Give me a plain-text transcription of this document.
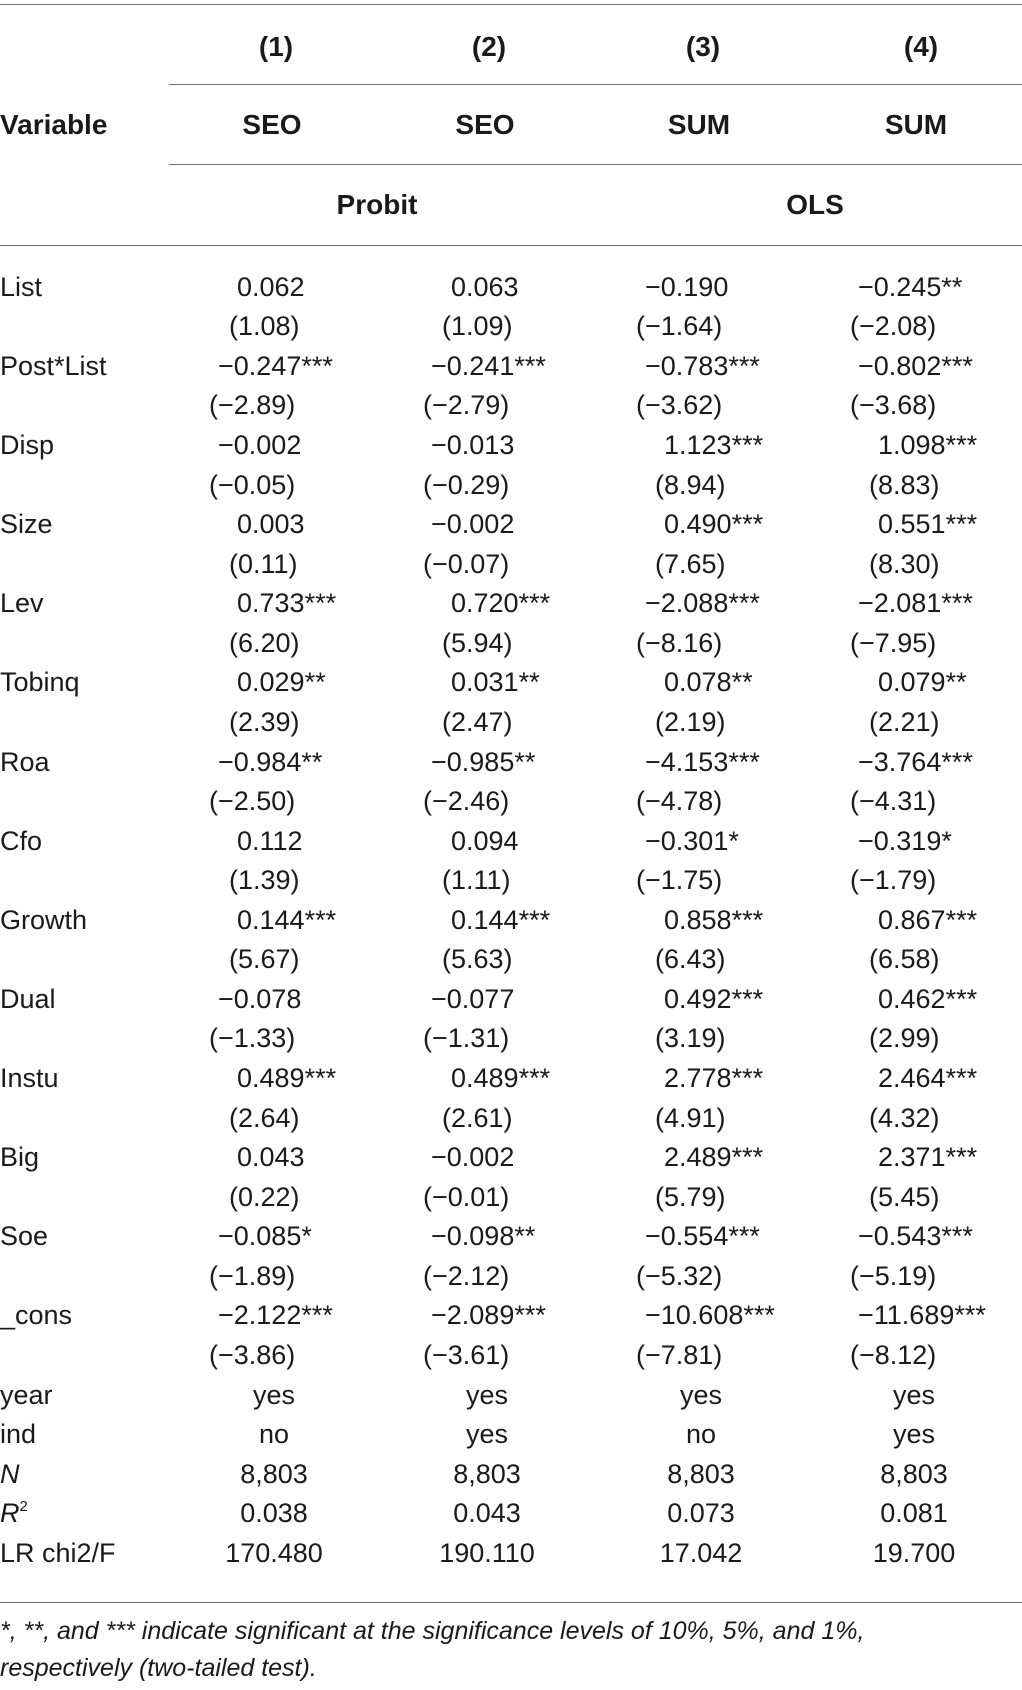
(1)	(2)	(3)	(4)
SEO	SEO	SUM	SUM
Probit	OLS
Variable
List	0.062	0.063	−0.190	−0.245**
(1.08)	(1.09)	(−1.64)	(−2.08)
Post*List	−0.247***	−0.241***	−0.783***	−0.802***
(−2.89)	(−2.79)	(−3.62)	(−3.68)
Disp	−0.002	−0.013	1.123***	1.098***
(−0.05)	(−0.29)	(8.94)	(8.83)
Size	0.003	−0.002	0.490***	0.551***
(0.11)	(−0.07)	(7.65)	(8.30)
Lev	0.733***	0.720***	−2.088***	−2.081***
(6.20)	(5.94)	(−8.16)	(−7.95)
Tobinq	0.029**	0.031**	0.078**	0.079**
(2.39)	(2.47)	(2.19)	(2.21)
Roa	−0.984**	−0.985**	−4.153***	−3.764***
(−2.50)	(−2.46)	(−4.78)	(−4.31)
Cfo	0.112	0.094	−0.301*	−0.319*
(1.39)	(1.11)	(−1.75)	(−1.79)
Growth	0.144***	0.144***	0.858***	0.867***
(5.67)	(5.63)	(6.43)	(6.58)
Dual	−0.078	−0.077	0.492***	0.462***
(−1.33)	(−1.31)	(3.19)	(2.99)
Instu	0.489***	0.489***	2.778***	2.464***
(2.64)	(2.61)	(4.91)	(4.32)
Big	0.043	−0.002	2.489***	2.371***
(0.22)	(−0.01)	(5.79)	(5.45)
Soe	−0.085*	−0.098**	−0.554***	−0.543***
(−1.89)	(−2.12)	(−5.32)	(−5.19)
_cons	−2.122***	−2.089***	−10.608***	−11.689***
(−3.86)	(−3.61)	(−7.81)	(−8.12)
year	yes	yes	yes	yes
ind	no	yes	no	yes
N	8,803	8,803	8,803	8,803
$R^2$	0.038	0.043	0.073	0.081
LR chi2/F	170.480	190.110	17.042	19.700
*, **, and *** indicate significant at the significance levels of 10%, 5%, and 1%, respectively (two-tailed test).
